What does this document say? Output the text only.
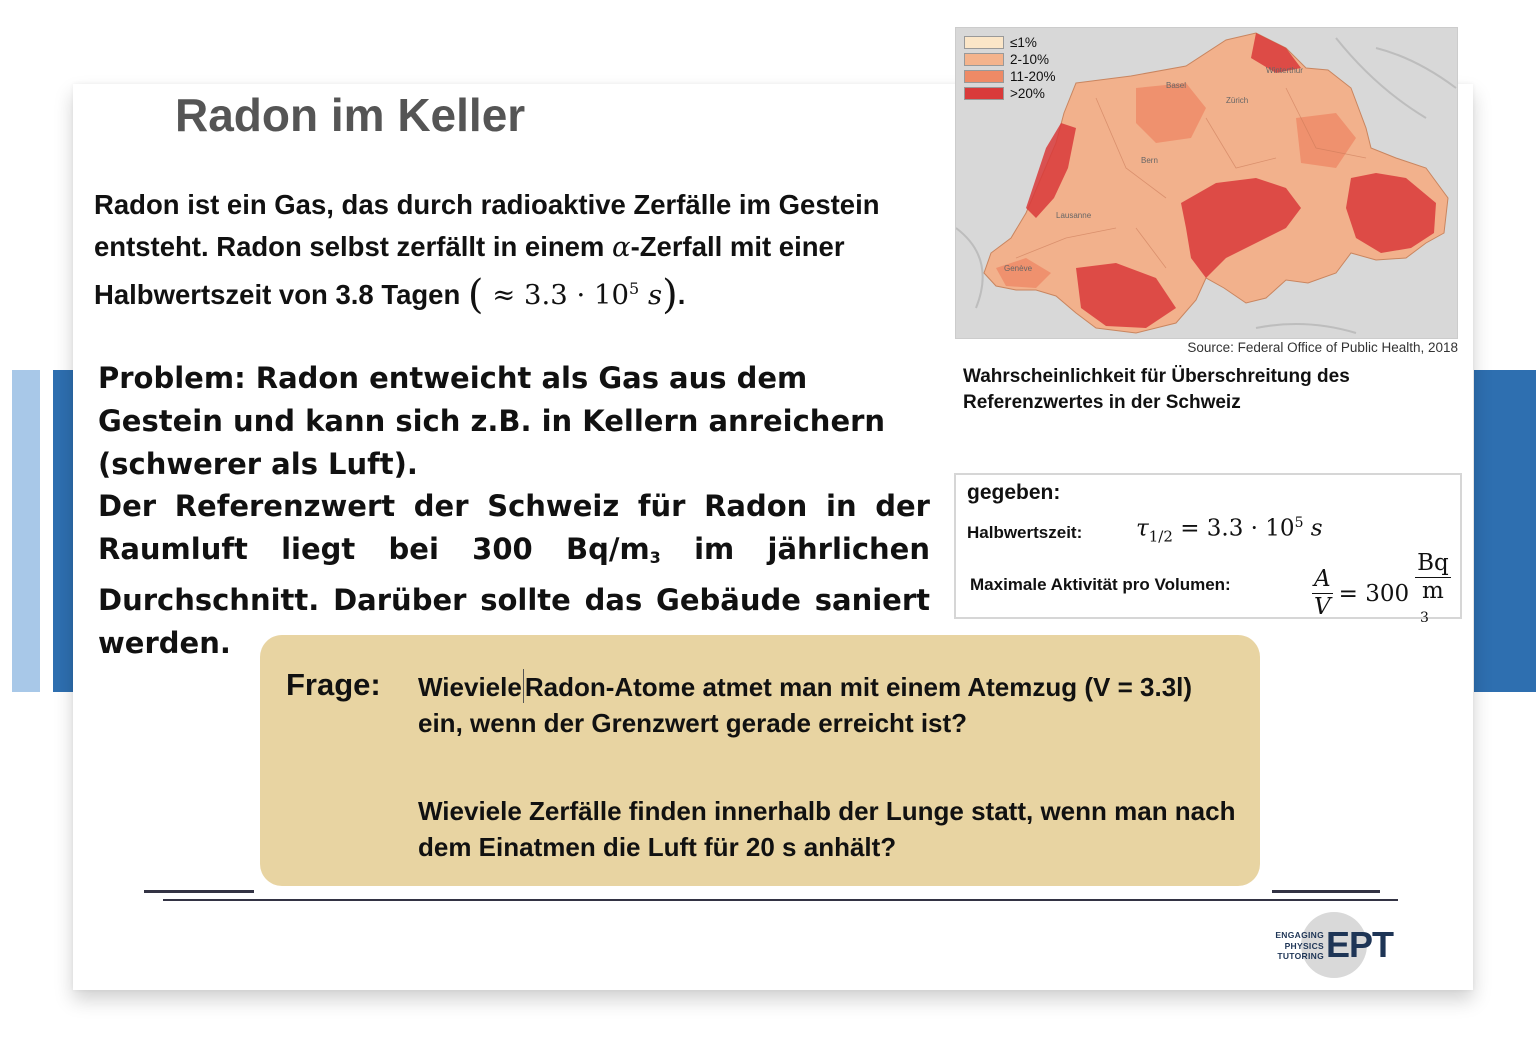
Radon im Keller
Radon ist ein Gas, das durch radioaktive Zerfälle im Gestein entsteht. Radon selbst zerfällt in einem α-Zerfall mit einer Halbwertszeit von 3.8 Tagen ( ≈ $3.3 \cdot 10^5$ s).
Problem: Radon entweicht als Gas aus dem Gestein und kann sich z.B. in Kellern anreichern (schwerer als Luft).
Der Referenzwert der Schweiz für Radon in der Raumluft liegt bei 300 Bq/m3 im jährlichen Durchschnitt. Darüber sollte das Gebäude saniert werden.
Winterthur
Basel
Zürich
Bern
Lausanne
Genève
≤1%
2-10%
11-20%
>20%
Source: Federal Office of Public Health, 2018
Wahrscheinlichkeit für Überschreitung des Referenzwertes in der Schweiz
gegeben:
Halbwertszeit: $\tau_{1/2} = 3.3 \cdot 10^5$ s
Maximale Aktivität pro Volumen:	$\frac{A}{V} = 300$ Bq
m
$^3$
Frage: Wieviele Radon-Atome atmet man mit einem Atemzug (V = 3.3l) ein, wenn der Grenzwert gerade erreicht ist?
Wieviele Zerfälle finden innerhalb der Lunge statt, wenn man nach dem Einatmen die Luft für 20 s anhält?
ENGAGING
PHYSICS
TUTORING EPT
